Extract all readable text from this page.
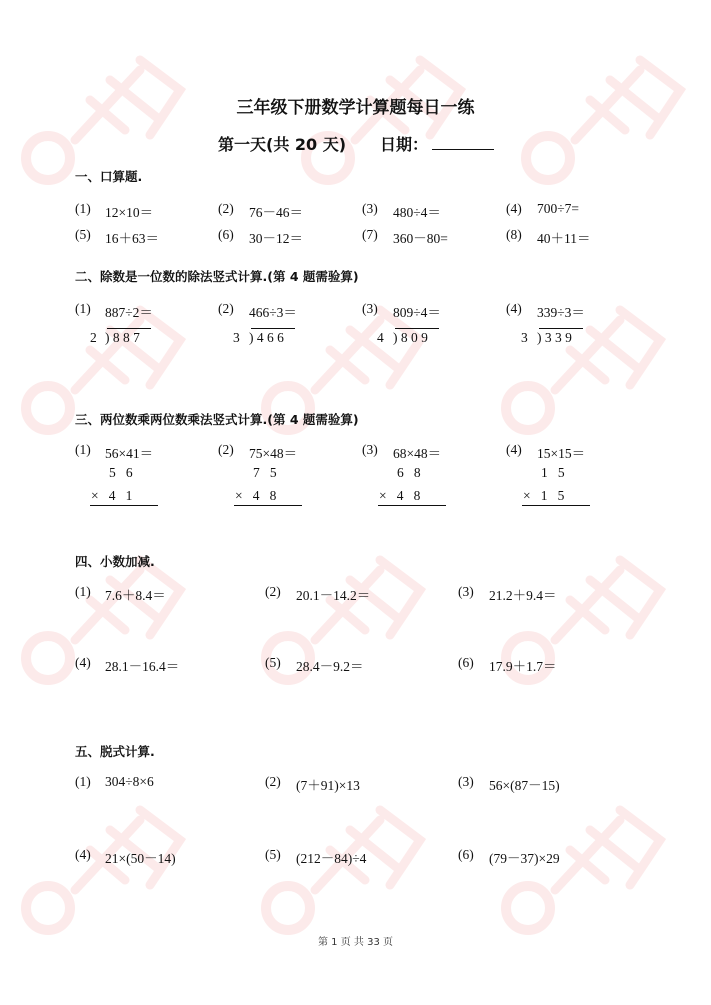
三年级下册数学计算题每日一练
第一天(共 20 天) 日期：
一、口算题.
(1) 12×10＝	(2) 76－46＝	(3) 480÷4＝	(4) 700÷7=
(5) 16＋63＝	(6) 30－12＝	(7) 360－80=	(8) 40＋11＝
二、除数是一位数的除法竖式计算.(第 4 题需验算)
(1) 887÷2＝
2 ) 8 8 7
(2) 466÷3＝
3 ) 4 6 6
(3) 809÷4＝
4 ) 8 0 9
(4) 339÷3＝
3 ) 3 3 9
三、两位数乘两位数乘法竖式计算.(第 4 题需验算)
(1) 56×41＝
5   6
×   4   1
(2) 75×48＝
7   5
×   4   8
(3) 68×48＝
6   8
×   4   8
(4) 15×15＝
1   5
×   1   5
四、小数加减.
(1) 7.6＋8.4＝	(2) 20.1－14.2＝	(3) 21.2＋9.4＝
(4) 28.1－16.4＝	(5) 28.4－9.2＝	(6) 17.9＋1.7＝
五、脱式计算.
(1) 304÷8×6	(2) (7＋91)×13	(3) 56×(87－15)
(4) 21×(50－14)	(5) (212－84)÷4	(6) (79－37)×29
第 1 页 共 33 页
